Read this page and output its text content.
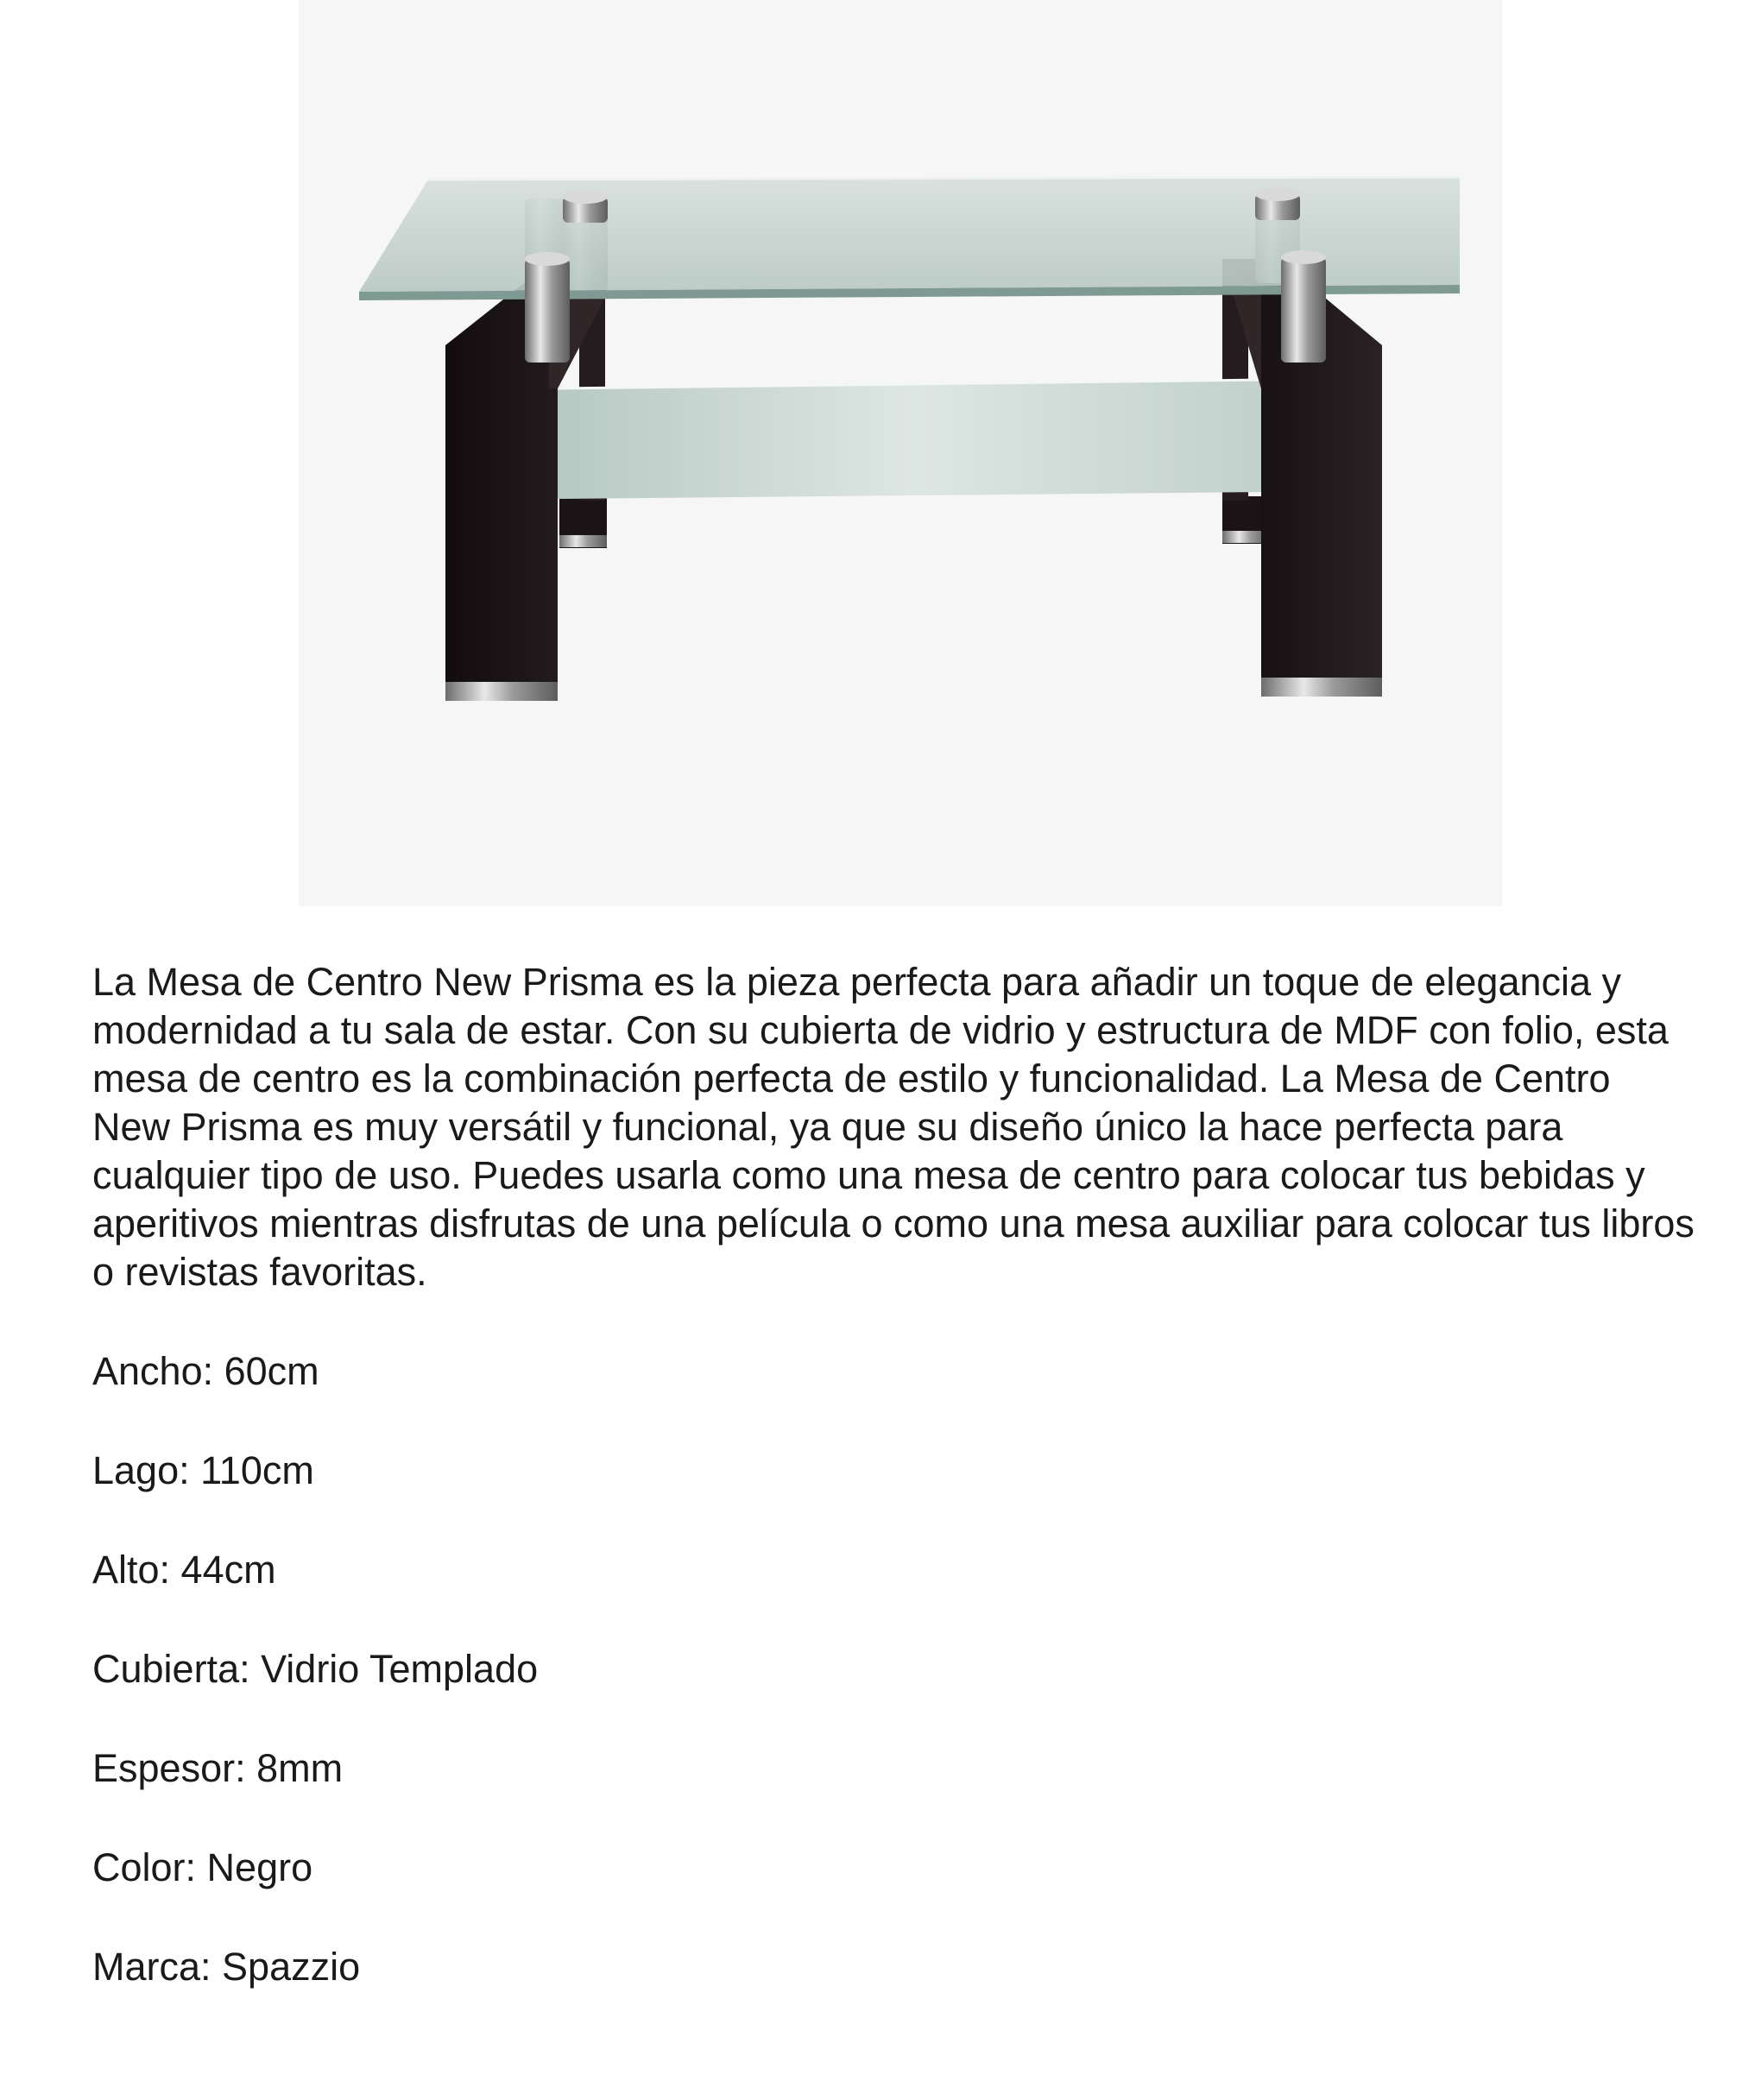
La Mesa de Centro New Prisma es la pieza perfecta para añadir un toque de elegancia y modernidad a tu sala de estar. Con su cubierta de vidrio y estructura de MDF con folio, esta mesa de centro es la combinación perfecta de estilo y funcionalidad. La Mesa de Centro New Prisma es muy versátil y funcional, ya que su diseño único la hace perfecta para cualquier tipo de uso. Puedes usarla como una mesa de centro para colocar tus bebidas y aperitivos mientras disfrutas de una película o como una mesa auxiliar para colocar tus libros o revistas favoritas.

Ancho: 60cm
Lago: 110cm
Alto: 44cm
Cubierta: Vidrio Templado
Espesor: 8mm
Color: Negro
Marca: Spazzio
